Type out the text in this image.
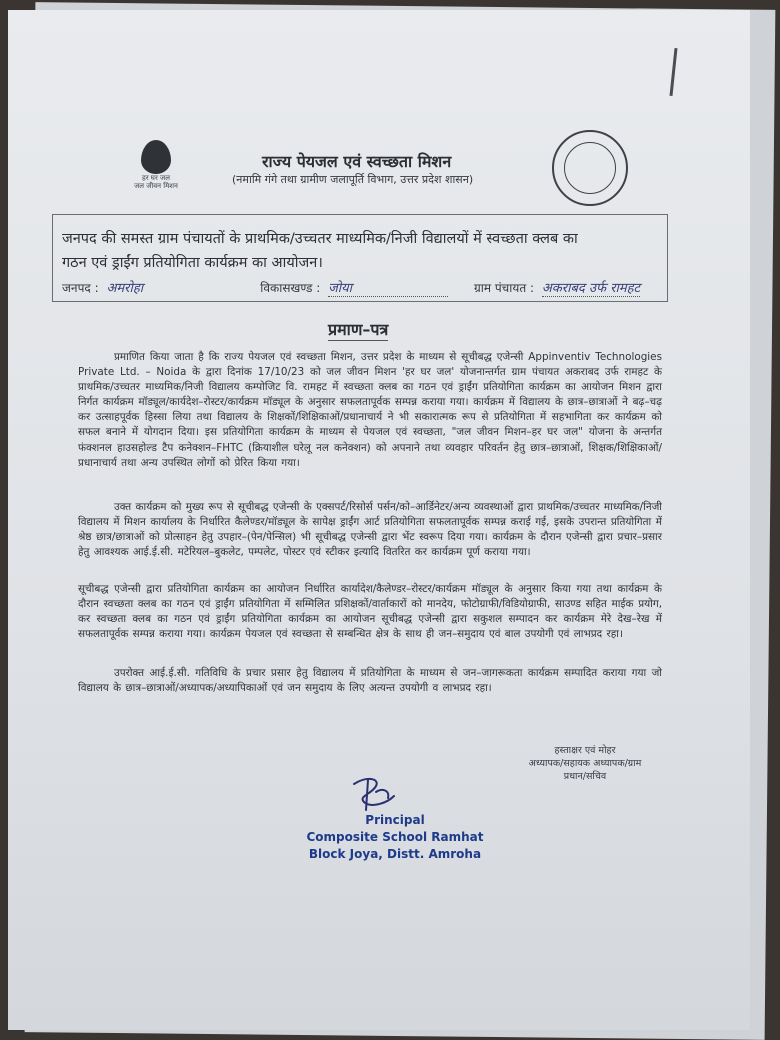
हर घर जल
जल जीवन मिशन
राज्य पेयजल एवं स्वच्छता मिशन
(नमामि गंगे तथा ग्रामीण जलापूर्ति विभाग, उत्तर प्रदेश शासन)
जनपद की समस्त ग्राम पंचायतों के प्राथमिक/उच्चतर माध्यमिक/निजी विद्यालयों में स्वच्छता क्लब का
गठन एवं ड्राईंग प्रतियोगिता कार्यक्रम का आयोजन।
जनपद : अमरोहा	विकासखण्ड : जोया	ग्राम पंचायत : अकराबद उर्फ रामहट
प्रमाण–पत्र
प्रमाणित किया जाता है कि राज्य पेयजल एवं स्वच्छता मिशन, उत्तर प्रदेश के माध्यम से सूचीबद्ध एजेन्सी Appinventiv Technologies Private Ltd. – Noida के द्वारा दिनांक 17/10/23 को जल जीवन मिशन 'हर घर जल' योजनान्तर्गत ग्राम पंचायत अकराबद उर्फ रामहट के प्राथमिक/उच्चतर माध्यमिक/निजी विद्यालय कम्पोजिट वि. रामहट में स्वच्छता क्लब का गठन एवं ड्राईंग प्रतियोगिता कार्यक्रम का आयोजन मिशन द्वारा निर्गत कार्यक्रम मॉड्यूल/कार्यदेश–रोस्टर/कार्यक्रम मॉड्यूल के अनुसार सफलतापूर्वक सम्पन्न कराया गया। कार्यक्रम में विद्यालय के छात्र–छात्राओं ने बढ़–चढ़ कर उत्साहपूर्वक हिस्सा लिया तथा विद्यालय के शिक्षकों/शिक्षिकाओं/प्रधानाचार्य ने भी सकारात्मक रूप से प्रतियोगिता में सहभागिता कर कार्यक्रम को सफल बनाने में योगदान दिया। इस प्रतियोगिता कार्यक्रम के माध्यम से पेयजल एवं स्वच्छता, "जल जीवन मिशन–हर घर जल" योजना के अन्तर्गत फंक्शनल हाउसहोल्ड टैप कनेक्शन–FHTC (क्रियाशील घरेलू नल कनेक्शन) को अपनाने तथा व्यवहार परिवर्तन हेतु छात्र–छात्राओं, शिक्षक/शिक्षिकाओं/प्रधानाचार्य तथा अन्य उपस्थित लोगों को प्रेरित किया गया।
उक्त कार्यक्रम को मुख्य रूप से सूचीबद्ध एजेन्सी के एक्सपर्ट/रिसोर्स पर्सन/को–आर्डिनेटर/अन्य व्यवस्थाओं द्वारा प्राथमिक/उच्चतर माध्यमिक/निजी विद्यालय में मिशन कार्यालय के निर्धारित कैलेण्डर/मॉड्यूल के सापेक्ष ड्राईंग आर्ट प्रतियोगिता सफलतापूर्वक सम्पन्न कराई गई, इसके उपरान्त प्रतियोगिता में श्रेष्ठ छात्र/छात्राओं को प्रोत्साहन हेतु उपहार–(पेन/पेन्सिल) भी सूचीबद्ध एजेन्सी द्वारा भेंट स्वरूप दिया गया। कार्यक्रम के दौरान एजेन्सी द्वारा प्रचार–प्रसार हेतु आवश्यक आई.ई.सी. मटेरियल–बुकलेट, पम्पलेट, पोस्टर एवं स्टीकर इत्यादि वितरित कर कार्यक्रम पूर्ण कराया गया।
सूचीबद्ध एजेन्सी द्वारा प्रतियोगिता कार्यक्रम का आयोजन निर्धारित कार्यादेश/कैलेण्डर–रोस्टर/कार्यक्रम मॉड्यूल के अनुसार किया गया तथा कार्यक्रम के दौरान स्वच्छता क्लब का गठन एवं ड्राईंग प्रतियोगिता में सम्मिलित प्रशिक्षकों/वार्ताकारों को मानदेय, फोटोग्राफी/विडियोग्राफी, साउण्ड सहित माईक प्रयोग, कर स्वच्छता क्लब का गठन एवं ड्राईंग प्रतियोगिता कार्यक्रम का आयोजन सूचीबद्ध एजेन्सी द्वारा सकुशल सम्पादन कर कार्यक्रम मेरे देख–रेख में सफलतापूर्वक सम्पन्न कराया गया। कार्यक्रम पेयजल एवं स्वच्छता से सम्बन्धित क्षेत्र के साथ ही जन–समुदाय एवं बाल उपयोगी एवं लाभप्रद रहा।
उपरोक्त आई.ई.सी. गतिविधि के प्रचार प्रसार हेतु विद्यालय में प्रतियोगिता के माध्यम से जन–जागरूकता कार्यक्रम सम्पादित कराया गया जो विद्यालय के छात्र–छात्राओं/अध्यापक/अध्यापिकाओं एवं जन समुदाय के लिए अत्यन्त उपयोगी व लाभप्रद रहा।
हस्ताक्षर एवं मोहर
अध्यापक/सहायक अध्यापक/ग्राम
प्रधान/सचिव
Principal
Composite School Ramhat
Block Joya, Distt. Amroha
